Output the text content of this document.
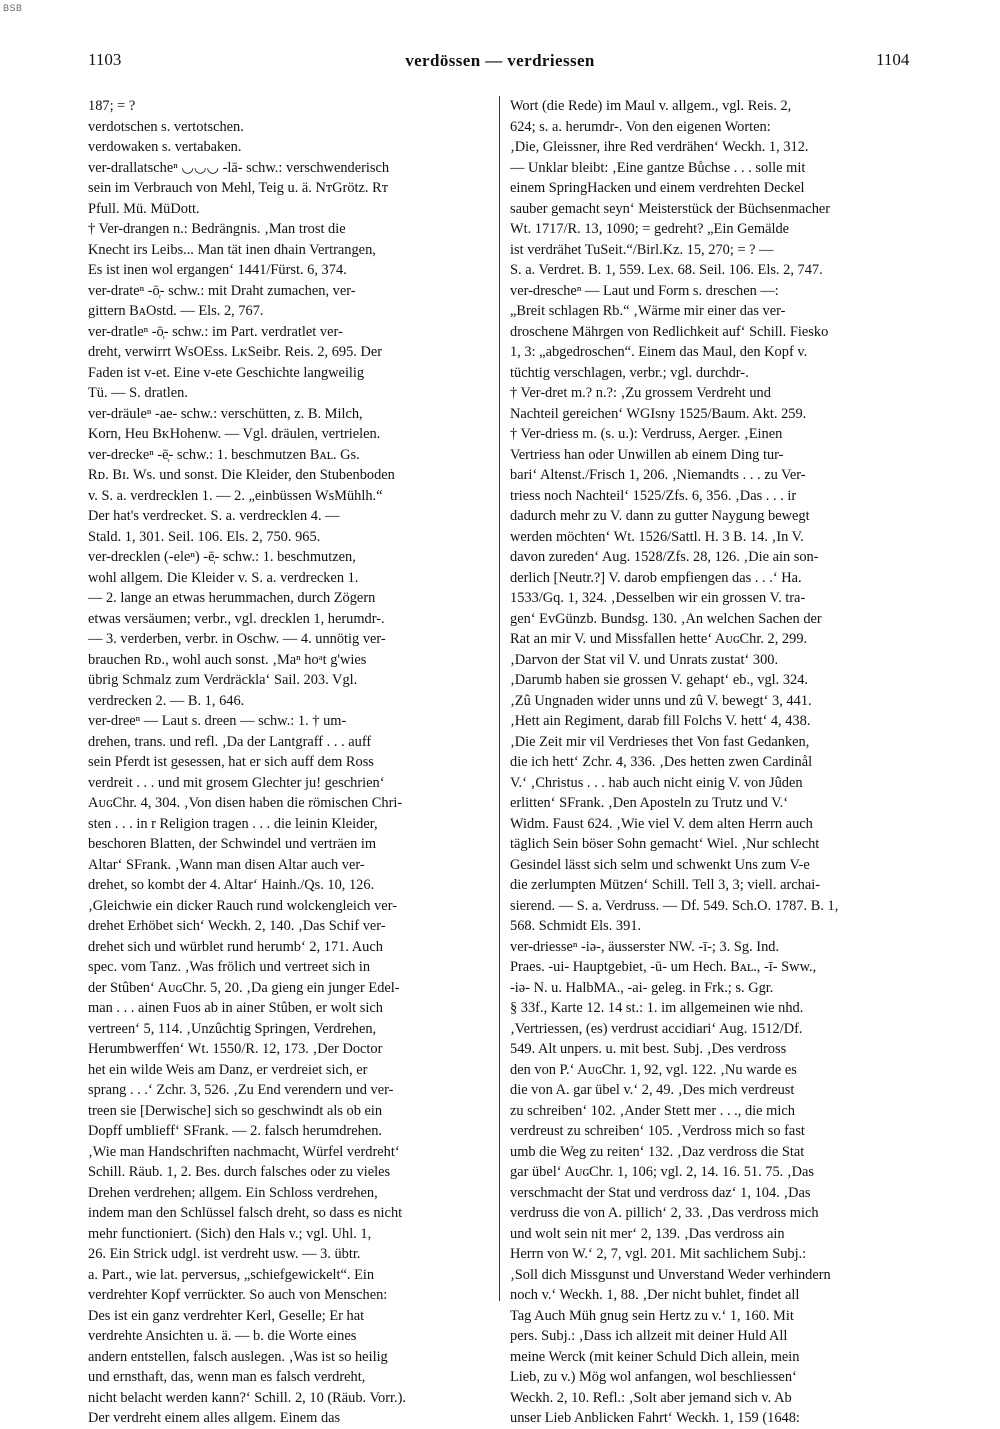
BSB
1103	verdössen — verdriessen	1104
187; = ?
verdotschen s. vertotschen.
verdowaken s. vertabaken.
ver-drallatscheⁿ ◡◡◡ -lā- schw.: verschwenderisch
sein im Verbrauch von Mehl, Teig u. ä. NᴛGrötz. Rᴛ
Pfull. Mü. MüDott.
† Ver-drangen n.: Bedrängnis. ‚Man trost die
Knecht irs Leibs... Man tät inen dhain Vertrangen,
Es ist inen wol ergangen‘ 1441/Fürst. 6, 374.
ver-drateⁿ -ō̜- schw.: mit Draht zumachen, ver-
gittern BᴀOstd. — Els. 2, 767.
ver-dratleⁿ -ō̜- schw.: im Part. verdratlet ver-
dreht, verwirrt WsOEss. LᴋSeibr. Reis. 2, 695. Der
Faden ist v-et. Eine v-ete Geschichte langweilig
Tü. — S. dratlen.
ver-dräuleⁿ -ae- schw.: verschütten, z. B. Milch,
Korn, Heu BᴋHohenw. — Vgl. dräulen, vertrielen.
ver-dreckeⁿ -ē̜- schw.: 1. beschmutzen Bᴀʟ. Gs.
Rᴅ. Bɪ. Ws. und sonst. Die Kleider, den Stubenboden
v. S. a. verdrecklen 1. — 2. „einbüssen WsMühlh.“
Der hat's verdrecket. S. a. verdrecklen 4. —
Stald. 1, 301. Seil. 106. Els. 2, 750. 965.
ver-drecklen (-eleⁿ) -ē̜- schw.: 1. beschmutzen,
wohl allgem. Die Kleider v. S. a. verdrecken 1.
— 2. lange an etwas herummachen, durch Zögern
etwas versäumen; verbr., vgl. drecklen 1, herumdr-.
— 3. verderben, verbr. in Oschw. — 4. unnötig ver-
brauchen Rᴅ., wohl auch sonst. ‚Maⁿ hoᵃt g'wies
übrig Schmalz zum Verdräckla‘ Sail. 203. Vgl.
verdrecken 2. — B. 1, 646.
ver-dreeⁿ — Laut s. dreen — schw.: 1. † um-
drehen, trans. und refl. ‚Da der Lantgraff . . . auff
sein Pferdt ist gesessen, hat er sich auff dem Ross
verdreit . . . und mit grosem Glechter ju! geschrien‘
AᴜɢChr. 4, 304. ‚Von disen haben die römischen Chri-
sten . . . in r Religion tragen . . . die leinin Kleider,
beschoren Blatten, der Schwindel und verträen im
Altar‘ SFrank. ‚Wann man disen Altar auch ver-
drehet, so kombt der 4. Altar‘ Hainh./Qs. 10, 126.
‚Gleichwie ein dicker Rauch rund wolckengleich ver-
drehet Erhöbet sich‘ Weckh. 2, 140. ‚Das Schif ver-
drehet sich und würblet rund herumb‘ 2, 171. Auch
spec. vom Tanz. ‚Was frölich und vertreet sich in
der Stûben‘ AᴜɢChr. 5, 20. ‚Da gieng ein junger Edel-
man . . . ainen Fuos ab in ainer Stûben, er wolt sich
vertreen‘ 5, 114. ‚Unzûchtig Springen, Verdrehen,
Herumbwerffen‘ Wt. 1550/R. 12, 173. ‚Der Doctor
het ein wilde Weis am Danz, er verdreiet sich, er
sprang . . .‘ Zchr. 3, 526. ‚Zu End verendern und ver-
treen sie [Derwische] sich so geschwindt als ob ein
Dopff umblieff‘ SFrank. — 2. falsch herumdrehen.
‚Wie man Handschriften nachmacht, Würfel verdreht‘
Schill. Räub. 1, 2. Bes. durch falsches oder zu vieles
Drehen verdrehen; allgem. Ein Schloss verdrehen,
indem man den Schlüssel falsch dreht, so dass es nicht
mehr functioniert. (Sich) den Hals v.; vgl. Uhl. 1,
26. Ein Strick udgl. ist verdreht usw. — 3. übtr.
a. Part., wie lat. perversus, „schiefgewickelt“. Ein
verdrehter Kopf verrückter. So auch von Menschen:
Des ist ein ganz verdrehter Kerl, Geselle; Er hat
verdrehte Ansichten u. ä. — b. die Worte eines
andern entstellen, falsch auslegen. ‚Was ist so heilig
und ernsthaft, das, wenn man es falsch verdreht,
nicht belacht werden kann?‘ Schill. 2, 10 (Räub. Vorr.).
Der verdreht einem alles allgem. Einem das
Wort (die Rede) im Maul v. allgem., vgl. Reis. 2,
624; s. a. herumdr-. Von den eigenen Worten:
‚Die, Gleissner, ihre Red verdrähen‘ Weckh. 1, 312.
— Unklar bleibt: ‚Eine gantze Bůchse . . . solle mit
einem SpringHacken und einem verdrehten Deckel
sauber gemacht seyn‘ Meisterstück der Büchsenmacher
Wt. 1717/R. 13, 1090; = gedreht? „Ein Gemälde
ist verdrähet TuSeit.“/Birl.Kz. 15, 270; = ? —
S. a. Verdret. B. 1, 559. Lex. 68. Seil. 106. Els. 2, 747.
ver-drescheⁿ — Laut und Form s. dreschen —:
„Breit schlagen Rb.“ ‚Wärme mir einer das ver-
droschene Mährgen von Redlichkeit auf‘ Schill. Fiesko
1, 3: „abgedroschen“. Einem das Maul, den Kopf v.
tüchtig verschlagen, verbr.; vgl. durchdr-.
† Ver-dret m.? n.?: ‚Zu grossem Verdreht und
Nachteil gereichen‘ WGIsny 1525/Baum. Akt. 259.
† Ver-driess m. (s. u.): Verdruss, Aerger. ‚Einen
Vertriess han oder Unwillen ab einem Ding tur-
bari‘ Altenst./Frisch 1, 206. ‚Niemandts . . . zu Ver-
triess noch Nachteil‘ 1525/Zfs. 6, 356. ‚Das . . . ir
dadurch mehr zu V. dann zu gutter Naygung bewegt
werden möchten‘ Wt. 1526/Sattl. H. 3 B. 14. ‚In V.
davon zureden‘ Aug. 1528/Zfs. 28, 126. ‚Die ain son-
derlich [Neutr.?] V. darob empfiengen das . . .‘ Ha.
1533/Gq. 1, 324. ‚Desselben wir ein grossen V. tra-
gen‘ EvGünzb. Bundsg. 130. ‚An welchen Sachen der
Rat an mir V. und Missfallen hette‘ AᴜɢChr. 2, 299.
‚Darvon der Stat vil V. und Unrats zustat‘ 300.
‚Darumb haben sie grossen V. gehapt‘ eb., vgl. 324.
‚Zû Ungnaden wider unns und zû V. bewegt‘ 3, 441.
‚Hett ain Regiment, darab fill Folchs V. hett‘ 4, 438.
‚Die Zeit mir vil Verdrieses thet Von fast Gedanken,
die ich hett‘ Zchr. 4, 336. ‚Des hetten zwen Cardinål
V.‘ ‚Christus . . . hab auch nicht einig V. von Jûden
erlitten‘ SFrank. ‚Den Aposteln zu Trutz und V.‘
Widm. Faust 624. ‚Wie viel V. dem alten Herrn auch
täglich Sein böser Sohn gemacht‘ Wiel. ‚Nur schlecht
Gesindel lässt sich selm und schwenkt Uns zum V-e
die zerlumpten Mützen‘ Schill. Tell 3, 3; viell. archai-
sierend. — S. a. Verdruss. — Df. 549. Sch.O. 1787. B. 1,
568. Schmidt Els. 391.
ver-driesseⁿ -iə-, äusserster NW. -ī-; 3. Sg. Ind.
Praes. -ui- Hauptgebiet, -ū- um Hech. Bᴀʟ., -ī- Sww.,
-iə- N. u. HalbMA., -ai- geleg. in Frk.; s. Ggr.
§ 33f., Karte 12. 14 st.: 1. im allgemeinen wie nhd.
‚Vertriessen, (es) verdrust accidiari‘ Aug. 1512/Df.
549. Alt unpers. u. mit best. Subj. ‚Des verdross
den von P.‘ AᴜɢChr. 1, 92, vgl. 122. ‚Nu warde es
die von A. gar übel v.‘ 2, 49. ‚Des mich verdreust
zu schreiben‘ 102. ‚Ander Stett mer . . ., die mich
verdreust zu schreiben‘ 105. ‚Verdross mich so fast
umb die Weg zu reiten‘ 132. ‚Daz verdross die Stat
gar übel‘ AᴜɢChr. 1, 106; vgl. 2, 14. 16. 51. 75. ‚Das
verschmacht der Stat und verdross daz‘ 1, 104. ‚Das
verdruss die von A. pillich‘ 2, 33. ‚Das verdross mich
und wolt sein nit mer‘ 2, 139. ‚Das verdross ain
Herrn von W.‘ 2, 7, vgl. 201. Mit sachlichem Subj.:
‚Soll dich Missgunst und Unverstand Weder verhindern
noch v.‘ Weckh. 1, 88. ‚Der nicht buhlet, findet all
Tag Auch Müh gnug sein Hertz zu v.‘ 1, 160. Mit
pers. Subj.: ‚Dass ich allzeit mit deiner Huld All
meine Werck (mit keiner Schuld Dich allein, mein
Lieb, zu v.) Mög wol anfangen, wol beschliessen‘
Weckh. 2, 10. Refl.: ‚Solt aber jemand sich v. Ab
unser Lieb Anblicken Fahrt‘ Weckh. 1, 159 (1648:
